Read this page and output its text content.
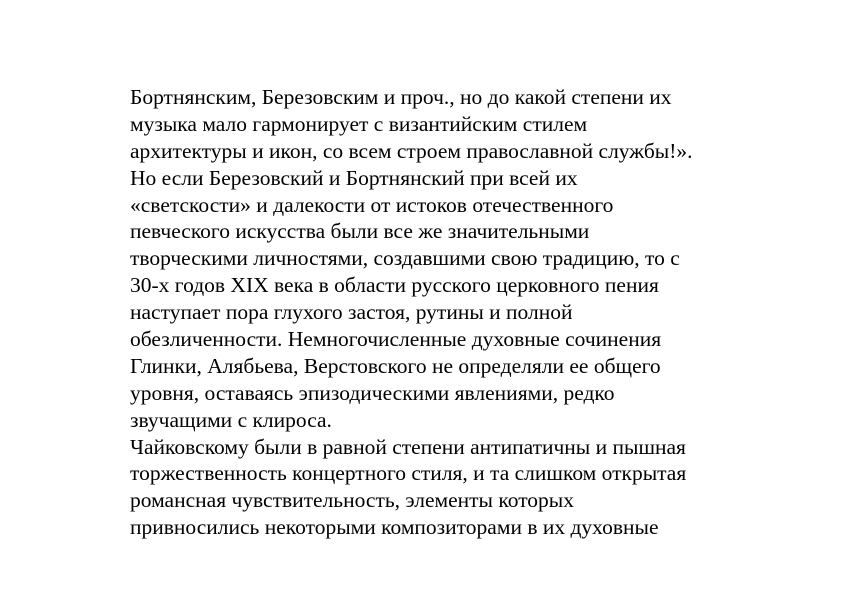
Бортнянским, Березовским и проч., но до какой степени их
музыка мало гармонирует с византийским стилем
архитектуры и икон, со всем строем православной службы!».
Но если Березовский и Бортнянский при всей их
«светскости» и далекости от истоков отечественного
певческого искусства были все же значительными
творческими личностями, создавшими свою традицию, то с
30-х годов XIX века в области русского церковного пения
наступает пора глухого застоя, рутины и полной
обезличенности. Немногочисленные духовные сочинения
Глинки, Алябьева, Верстовского не определяли ее общего
уровня, оставаясь эпизодическими явлениями, редко
звучащими с клироса.
Чайковскому были в равной степени антипатичны и пышная
торжественность концертного стиля, и та слишком открытая
романсная чувствительность, элементы которых
привносились некоторыми композиторами в их духовные
